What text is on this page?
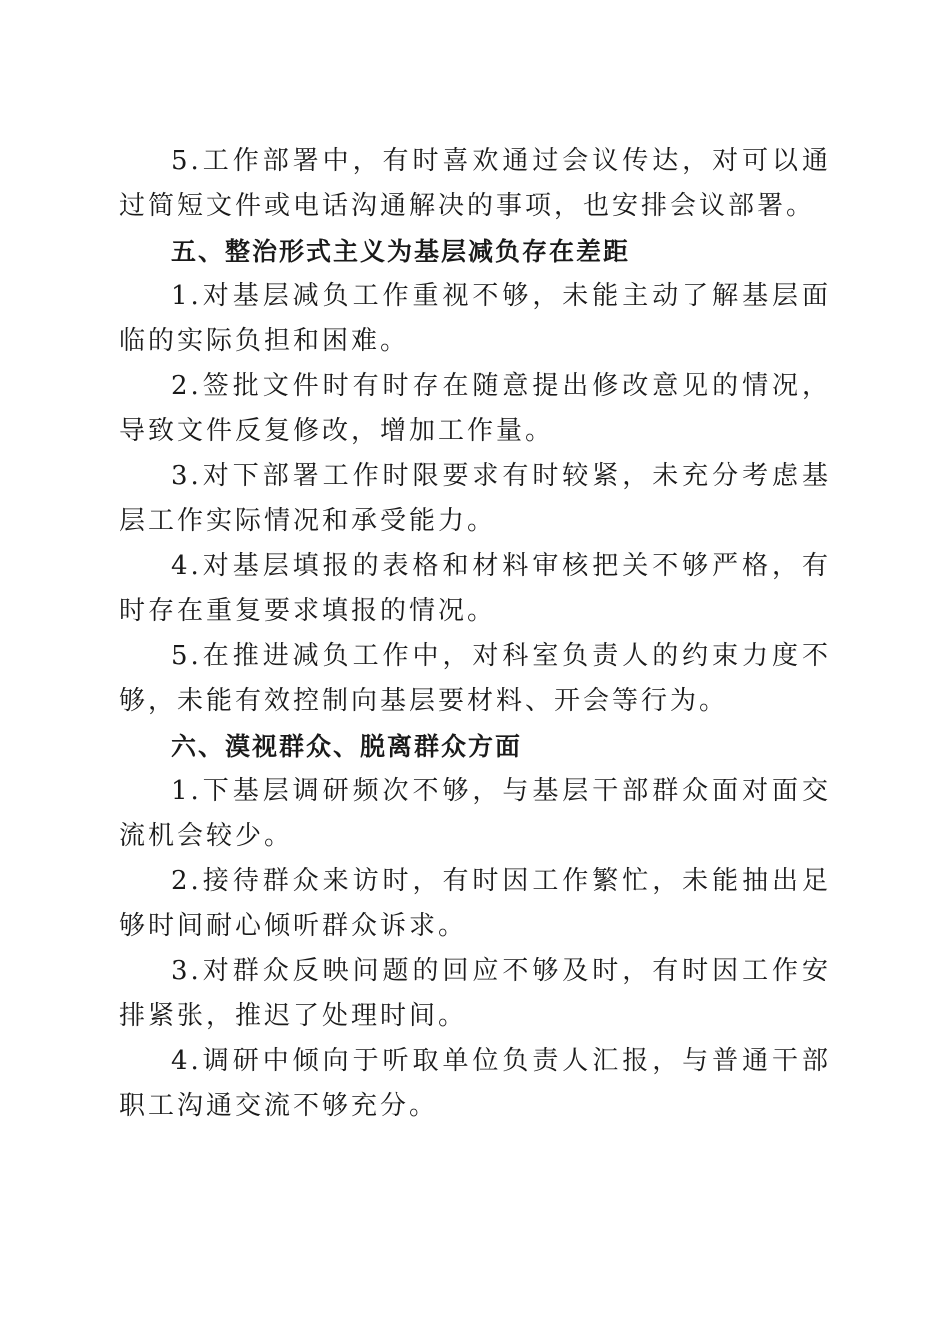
5.工作部署中，有时喜欢通过会议传达，对可以通过简短文件或电话沟通解决的事项，也安排会议部署。

五、整治形式主义为基层减负存在差距

1.对基层减负工作重视不够，未能主动了解基层面临的实际负担和困难。

2.签批文件时有时存在随意提出修改意见的情况，导致文件反复修改，增加工作量。

3.对下部署工作时限要求有时较紧，未充分考虑基层工作实际情况和承受能力。

4.对基层填报的表格和材料审核把关不够严格，有时存在重复要求填报的情况。

5.在推进减负工作中，对科室负责人的约束力度不够，未能有效控制向基层要材料、开会等行为。

六、漠视群众、脱离群众方面

1.下基层调研频次不够，与基层干部群众面对面交流机会较少。

2.接待群众来访时，有时因工作繁忙，未能抽出足够时间耐心倾听群众诉求。

3.对群众反映问题的回应不够及时，有时因工作安排紧张，推迟了处理时间。

4.调研中倾向于听取单位负责人汇报，与普通干部职工沟通交流不够充分。
